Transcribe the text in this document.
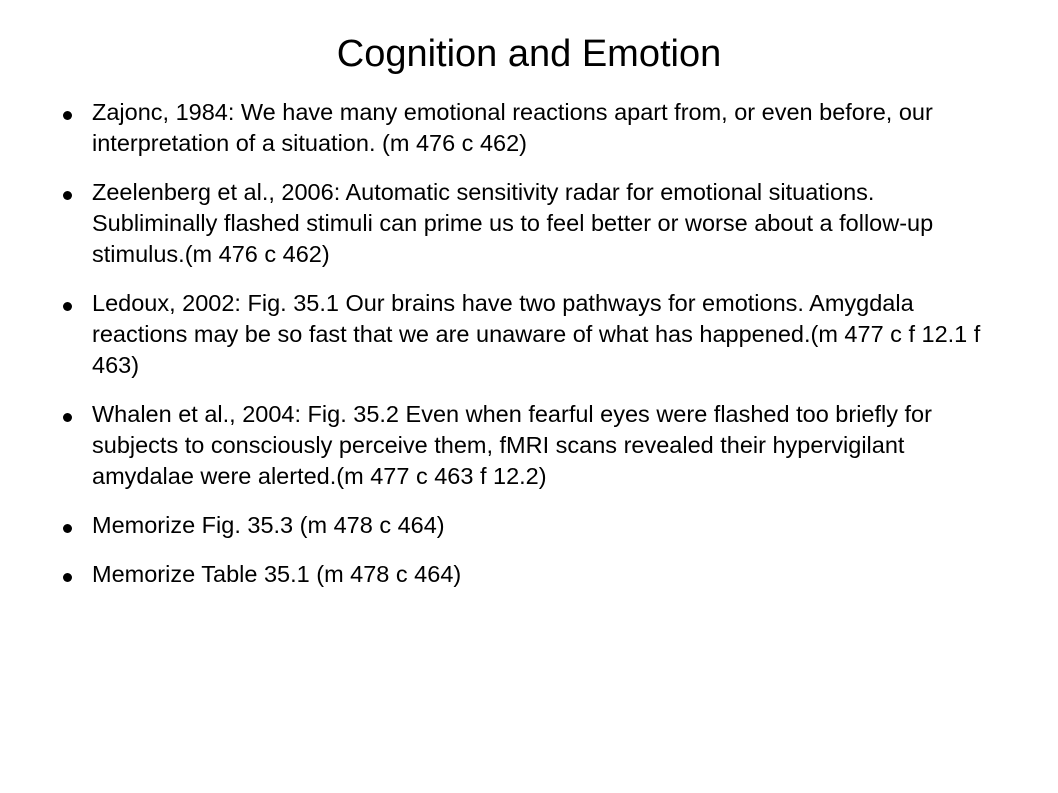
Cognition and Emotion
Zajonc, 1984: We have many emotional reactions apart from, or even before, our interpretation of a situation. (m 476 c 462)
Zeelenberg et al., 2006: Automatic sensitivity radar for emotional situations. Subliminally flashed stimuli can prime us to feel better or worse about a follow-up stimulus.(m 476 c 462)
Ledoux, 2002: Fig. 35.1 Our brains have two pathways for emotions. Amygdala reactions may be so fast that we are unaware of what has happened.(m 477 c f 12.1 f 463)
Whalen et al., 2004: Fig. 35.2 Even when fearful eyes were flashed too briefly for subjects to consciously perceive them, fMRI scans revealed their hypervigilant amydalae were alerted.(m 477 c 463 f 12.2)
Memorize Fig. 35.3 (m 478 c 464)
Memorize Table 35.1 (m 478 c 464)
